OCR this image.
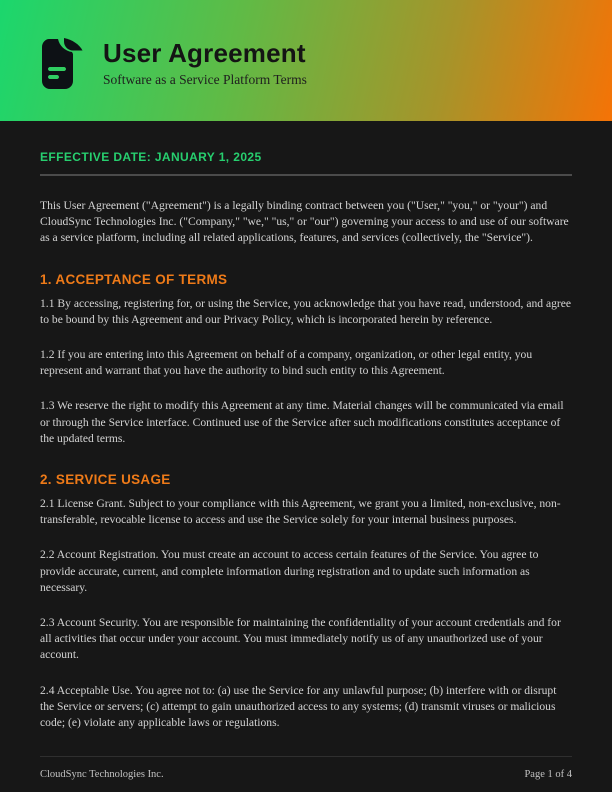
User Agreement
Software as a Service Platform Terms
EFFECTIVE DATE: JANUARY 1, 2025

This User Agreement ("Agreement") is a legally binding contract between you ("User," "you," or "your") and CloudSync Technologies Inc. ("Company," "we," "us," or "our") governing your access to and use of our software as a service platform, including all related applications, features, and services (collectively, the "Service").

1. ACCEPTANCE OF TERMS

1.1 By accessing, registering for, or using the Service, you acknowledge that you have read, understood, and agree to be bound by this Agreement and our Privacy Policy, which is incorporated herein by reference.

1.2 If you are entering into this Agreement on behalf of a company, organization, or other legal entity, you represent and warrant that you have the authority to bind such entity to this Agreement.

1.3 We reserve the right to modify this Agreement at any time. Material changes will be communicated via email or through the Service interface. Continued use of the Service after such modifications constitutes acceptance of the updated terms.

2. SERVICE USAGE

2.1 License Grant. Subject to your compliance with this Agreement, we grant you a limited, non-exclusive, non-transferable, revocable license to access and use the Service solely for your internal business purposes.

2.2 Account Registration. You must create an account to access certain features of the Service. You agree to provide accurate, current, and complete information during registration and to update such information as necessary.

2.3 Account Security. You are responsible for maintaining the confidentiality of your account credentials and for all activities that occur under your account. You must immediately notify us of any unauthorized use of your account.

2.4 Acceptable Use. You agree not to: (a) use the Service for any unlawful purpose; (b) interfere with or disrupt the Service or servers; (c) attempt to gain unauthorized access to any systems; (d) transmit viruses or malicious code; (e) violate any applicable laws or regulations.

CloudSync Technologies Inc.	Page 1 of 4
